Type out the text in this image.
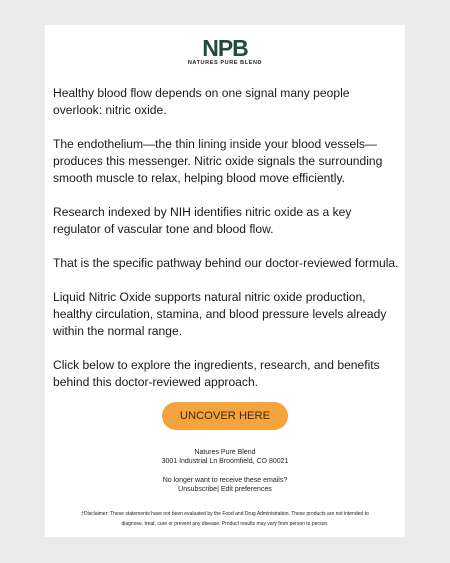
NPB
NATURES PURE BLEND

Healthy blood flow depends on one signal many people overlook: nitric oxide.

The endothelium—the thin lining inside your blood vessels—produces this messenger. Nitric oxide signals the surrounding smooth muscle to relax, helping blood move efficiently.

Research indexed by NIH identifies nitric oxide as a key regulator of vascular tone and blood flow.

That is the specific pathway behind our doctor-reviewed formula.

Liquid Nitric Oxide supports natural nitric oxide production, healthy circulation, stamina, and blood pressure levels already within the normal range.

Click below to explore the ingredients, research, and benefits behind this doctor-reviewed approach.

UNCOVER HERE
Natures Pure Blend
3001 Industrial Ln Broomfield, CO 80021
No longer want to receive these emails?
Unsubscribe| Edit preferences
†Disclaimer: These statements have not been evaluated by the Food and Drug Administration. These products are not intended to
diagnose, treat, cure or prevent any disease. Product results may vary from person to person.
